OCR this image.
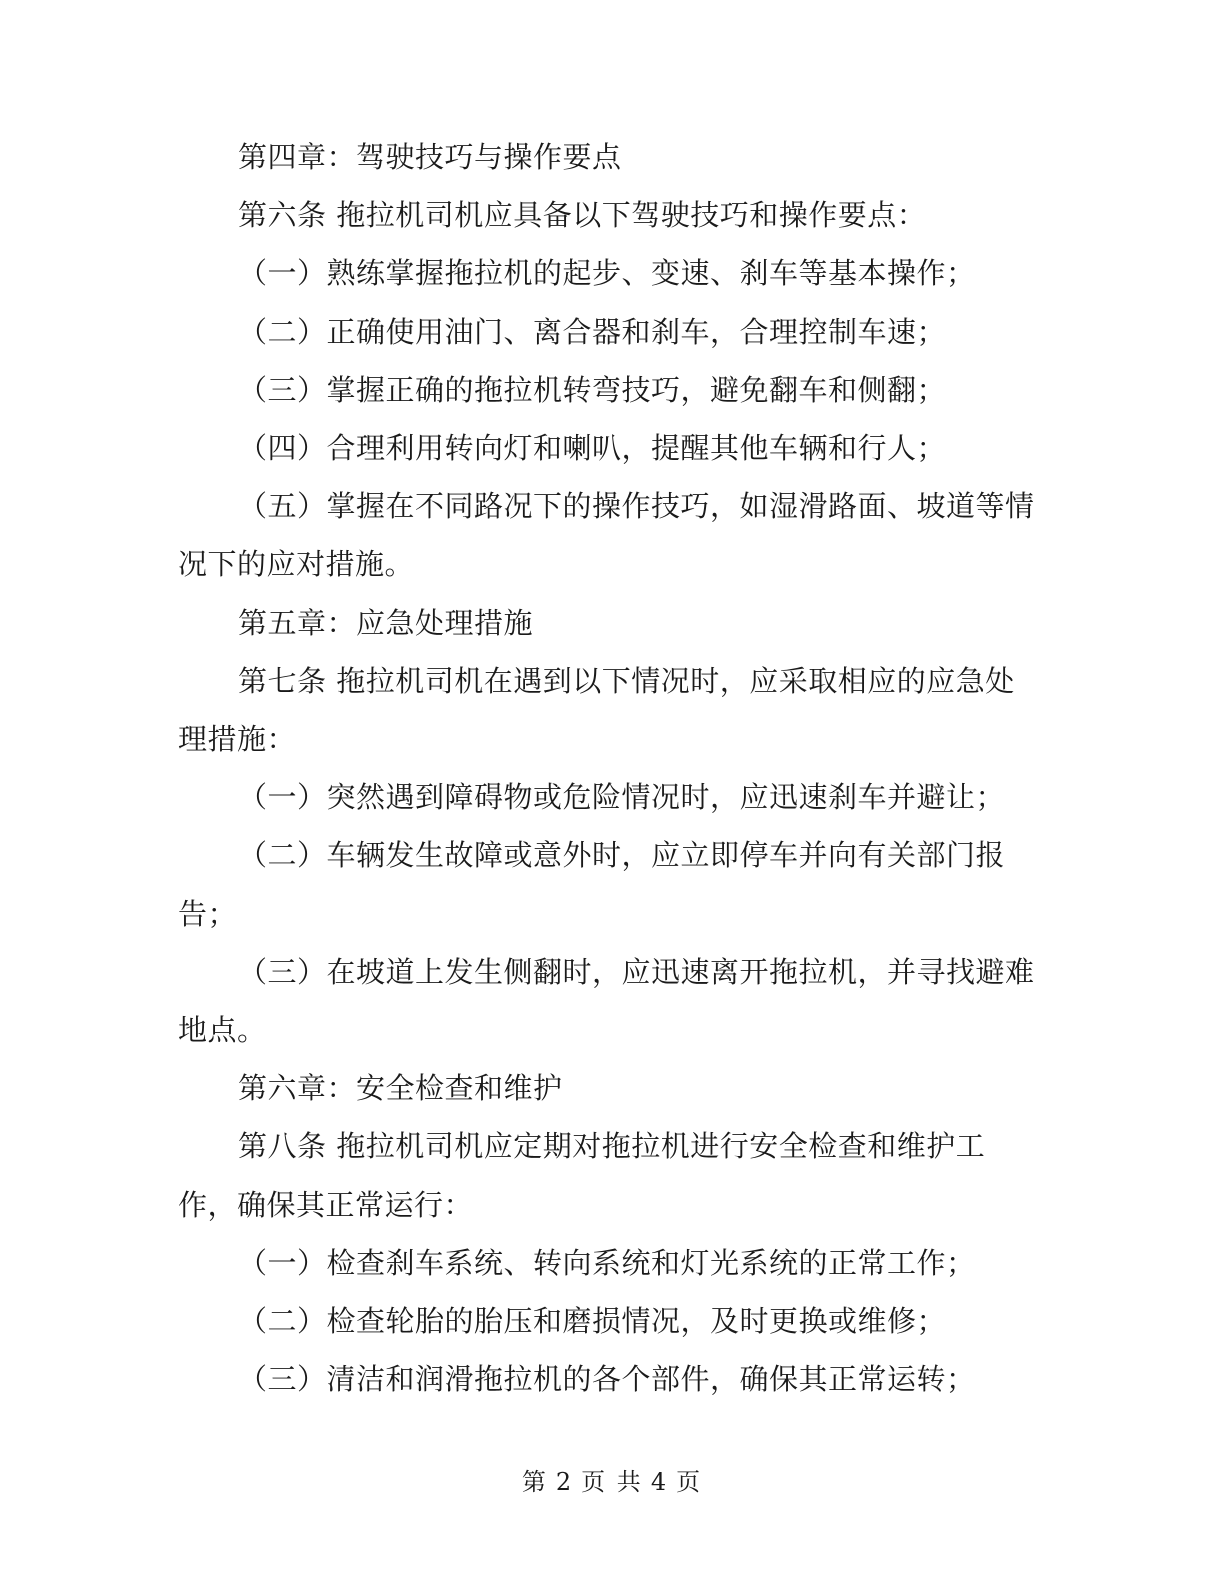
第四章：驾驶技巧与操作要点

第六条 拖拉机司机应具备以下驾驶技巧和操作要点：

（一）熟练掌握拖拉机的起步、变速、刹车等基本操作；

（二）正确使用油门、离合器和刹车，合理控制车速；

（三）掌握正确的拖拉机转弯技巧，避免翻车和侧翻；

（四）合理利用转向灯和喇叭，提醒其他车辆和行人；

（五）掌握在不同路况下的操作技巧，如湿滑路面、坡道等情况下的应对措施。

第五章：应急处理措施

第七条 拖拉机司机在遇到以下情况时，应采取相应的应急处理措施：

（一）突然遇到障碍物或危险情况时，应迅速刹车并避让；

（二）车辆发生故障或意外时，应立即停车并向有关部门报告；

（三）在坡道上发生侧翻时，应迅速离开拖拉机，并寻找避难地点。

第六章：安全检查和维护

第八条 拖拉机司机应定期对拖拉机进行安全检查和维护工作，确保其正常运行：

（一）检查刹车系统、转向系统和灯光系统的正常工作；

（二）检查轮胎的胎压和磨损情况，及时更换或维修；

（三）清洁和润滑拖拉机的各个部件，确保其正常运转；

第 2 页 共 4 页
